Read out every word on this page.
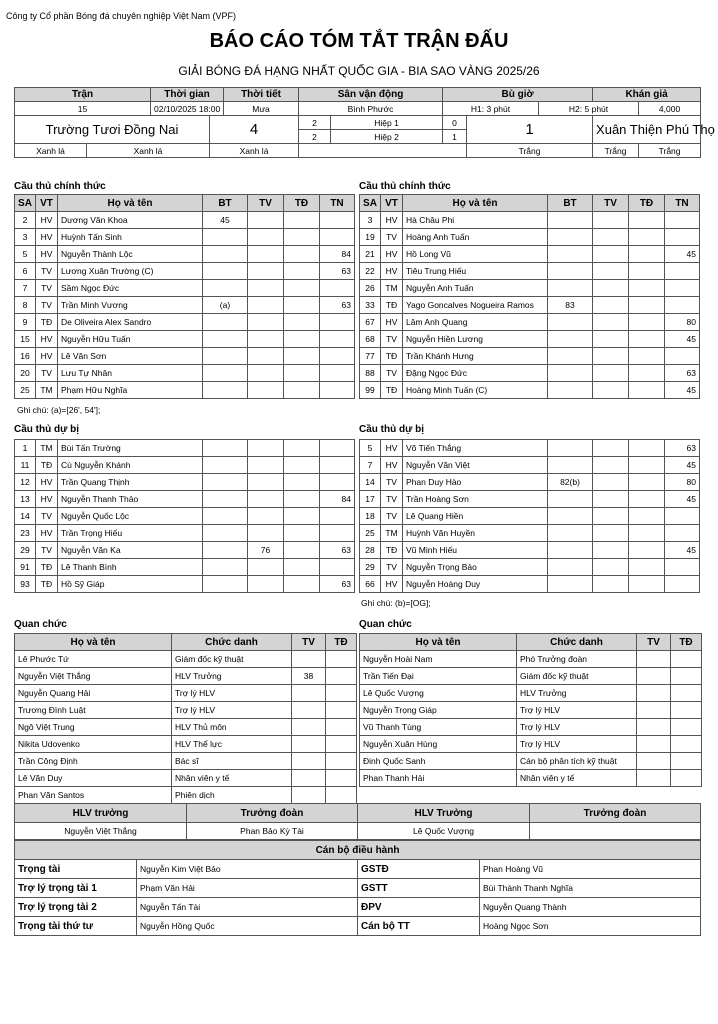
Công ty Cổ phần Bóng đá chuyên nghiệp Việt Nam (VPF)
BÁO CÁO TÓM TẮT TRẬN ĐẤU
GIẢI BÓNG ĐÁ HẠNG NHẤT QUỐC GIA - BIA SAO VÀNG 2025/26
Trận		Thời gian		Thời tiết	Sân vận động		Bù giờ			Khán giả	
15		02/10/2025 18:00		Mưa	Bình Phước		H1: 3 phút		H2: 5 phút		4,000
Trường Tươi Đồng Nai			4		2	Hiệp 1	0	1		Xuân Thiện Phú Thọ	
					2	Hiệp 2	1				
Xanh lá	Xanh lá		Xanh lá					Trắng		Trắng	Trắng
Cầu thủ chính thức	Cầu thủ chính thức
SA	VT	Họ và tên	BT	TV	TĐ	TN
2	HV	Dương Văn Khoa	45			
3	HV	Huỳnh Tấn Sinh				
5	HV	Nguyễn Thành Lộc				84
6	TV	Lương Xuân Trường (C)				63
7	TV	Sầm Ngọc Đức				
8	TV	Trần Minh Vương	(a)			63
9	TĐ	De Oliveira Alex Sandro				
15	HV	Nguyễn Hữu Tuấn				
16	HV	Lê Văn Sơn				
20	TV	Lưu Tự Nhân				
25	TM	Phạm Hữu Nghĩa				
SA	VT	Họ và tên	BT	TV	TĐ	TN
3	HV	Hà Châu Phi				
19	TV	Hoàng Anh Tuấn				
21	HV	Hồ Long Vũ				45
22	HV	Tiêu Trung Hiếu				
26	TM	Nguyễn Anh Tuấn				
33	TĐ	Yago Goncalves Nogueira Ramos	83			
67	HV	Lâm Anh Quang				80
68	TV	Nguyễn Hiền Lương				45
77	TĐ	Trần Khánh Hưng				
88	TV	Đặng Ngọc Đức				63
99	TĐ	Hoàng Minh Tuấn (C)				45
Ghi chú: (a)=[26', 54'];
Cầu thủ dự bị	Cầu thủ dự bị
1	TM	Bùi Tấn Trường				
11	TĐ	Cù Nguyễn Khánh				
12	HV	Trần Quang Thịnh				
13	HV	Nguyễn Thanh Thảo				84
14	TV	Nguyễn Quốc Lộc				
23	HV	Trần Trọng Hiếu				
29	TV	Nguyễn Văn Ka		76		63
91	TĐ	Lê Thanh Bình				
93	TĐ	Hồ Sỹ Giáp				63
5	HV	Võ Tiến Thắng				63
7	HV	Nguyễn Văn Việt				45
14	TV	Phan Duy Hào	82(b)			80
17	TV	Trần Hoàng Sơn				45
18	TV	Lê Quang Hiền				
25	TM	Huỳnh Văn Huyền				
28	TĐ	Vũ Minh Hiếu				45
29	TV	Nguyễn Trọng Bảo				
66	HV	Nguyễn Hoàng Duy				
Ghi chú: (b)=[OG];
Quan chức	Quan chức
Họ và tên	Chức danh	TV	TĐ
Lê Phước Tứ	Giám đốc kỹ thuật		
Nguyễn Việt Thắng	HLV Trưởng	38	
Nguyễn Quang Hải	Trợ lý HLV		
Trương Đình Luật	Trợ lý HLV		
Ngô Việt Trung	HLV Thủ môn		
Nikita Udovenko	HLV Thể lực		
Trần Công Định	Bác sĩ		
Lê Văn Duy	Nhân viên y tế		
Phan Văn Santos	Phiên dịch		
Họ và tên	Chức danh	TV	TĐ
Nguyễn Hoài Nam	Phó Trưởng đoàn		
Trần Tiến Đại	Giám đốc kỹ thuật		
Lê Quốc Vượng	HLV Trưởng		
Nguyễn Trọng Giáp	Trợ lý HLV		
Vũ Thanh Tùng	Trợ lý HLV		
Nguyễn Xuân Hùng	Trợ lý HLV		
Đinh Quốc Sanh	Cán bộ phân tích kỹ thuật		
Phan Thanh Hải	Nhân viên y tế		
HLV trưởng	Trưởng đoàn	HLV Trưởng	Trưởng đoàn
Nguyễn Việt Thắng	Phan Bảo Kỳ Tài	Lê Quốc Vượng	
Cán bộ điều hành			
Trọng tài	Nguyễn Kim Việt Bảo	GSTĐ	Phan Hoàng Vũ
Trợ lý trọng tài 1	Phạm Văn Hải	GSTT	Bùi Thành Thanh Nghĩa
Trợ lý trọng tài 2	Nguyễn Tấn Tài	ĐPV	Nguyễn Quang Thành
Trọng tài thứ tư	Nguyễn Hồng Quốc	Cán bộ TT	Hoàng Ngọc Sơn
